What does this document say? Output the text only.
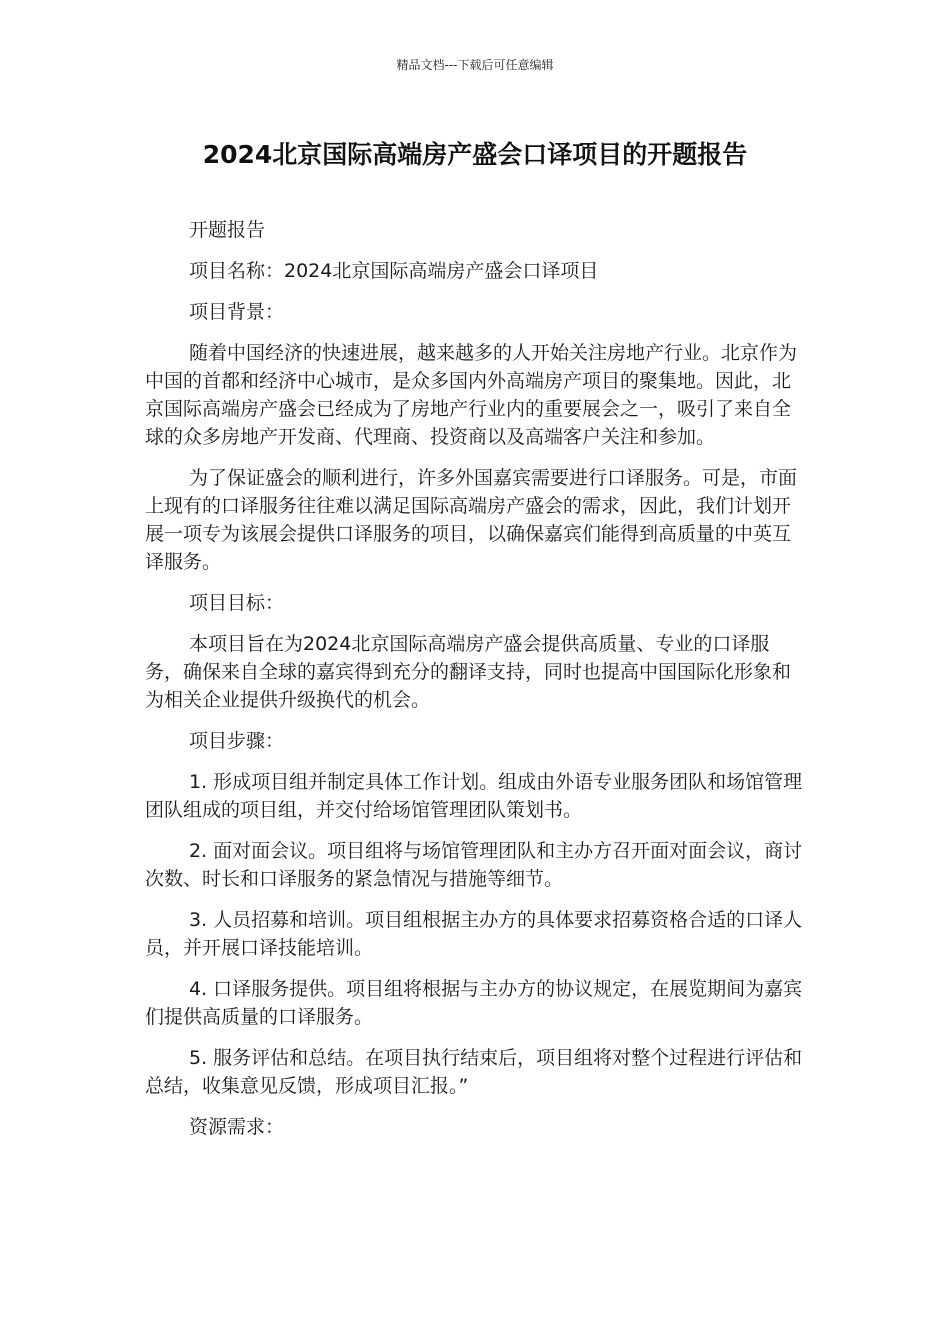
精品文档---下载后可任意编辑
2024北京国际高端房产盛会口译项目的开题报告

开题报告

项目名称：2024北京国际高端房产盛会口译项目

项目背景：

随着中国经济的快速进展，越来越多的人开始关注房地产行业。北京作为中国的首都和经济中心城市，是众多国内外高端房产项目的聚集地。因此，北京国际高端房产盛会已经成为了房地产行业内的重要展会之一，吸引了来自全球的众多房地产开发商、代理商、投资商以及高端客户关注和参加。

为了保证盛会的顺利进行，许多外国嘉宾需要进行口译服务。可是，市面上现有的口译服务往往难以满足国际高端房产盛会的需求，因此，我们计划开展一项专为该展会提供口译服务的项目，以确保嘉宾们能得到高质量的中英互译服务。

项目目标：

本项目旨在为2024北京国际高端房产盛会提供高质量、专业的口译服务，确保来自全球的嘉宾得到充分的翻译支持，同时也提高中国国际化形象和为相关企业提供升级换代的机会。

项目步骤：

1. 形成项目组并制定具体工作计划。组成由外语专业服务团队和场馆管理团队组成的项目组，并交付给场馆管理团队策划书。

2. 面对面会议。项目组将与场馆管理团队和主办方召开面对面会议，商讨次数、时长和口译服务的紧急情况与措施等细节。

3. 人员招募和培训。项目组根据主办方的具体要求招募资格合适的口译人员，并开展口译技能培训。

4. 口译服务提供。项目组将根据与主办方的协议规定，在展览期间为嘉宾们提供高质量的口译服务。

5. 服务评估和总结。在项目执行结束后，项目组将对整个过程进行评估和总结，收集意见反馈，形成项目汇报。”

资源需求：
